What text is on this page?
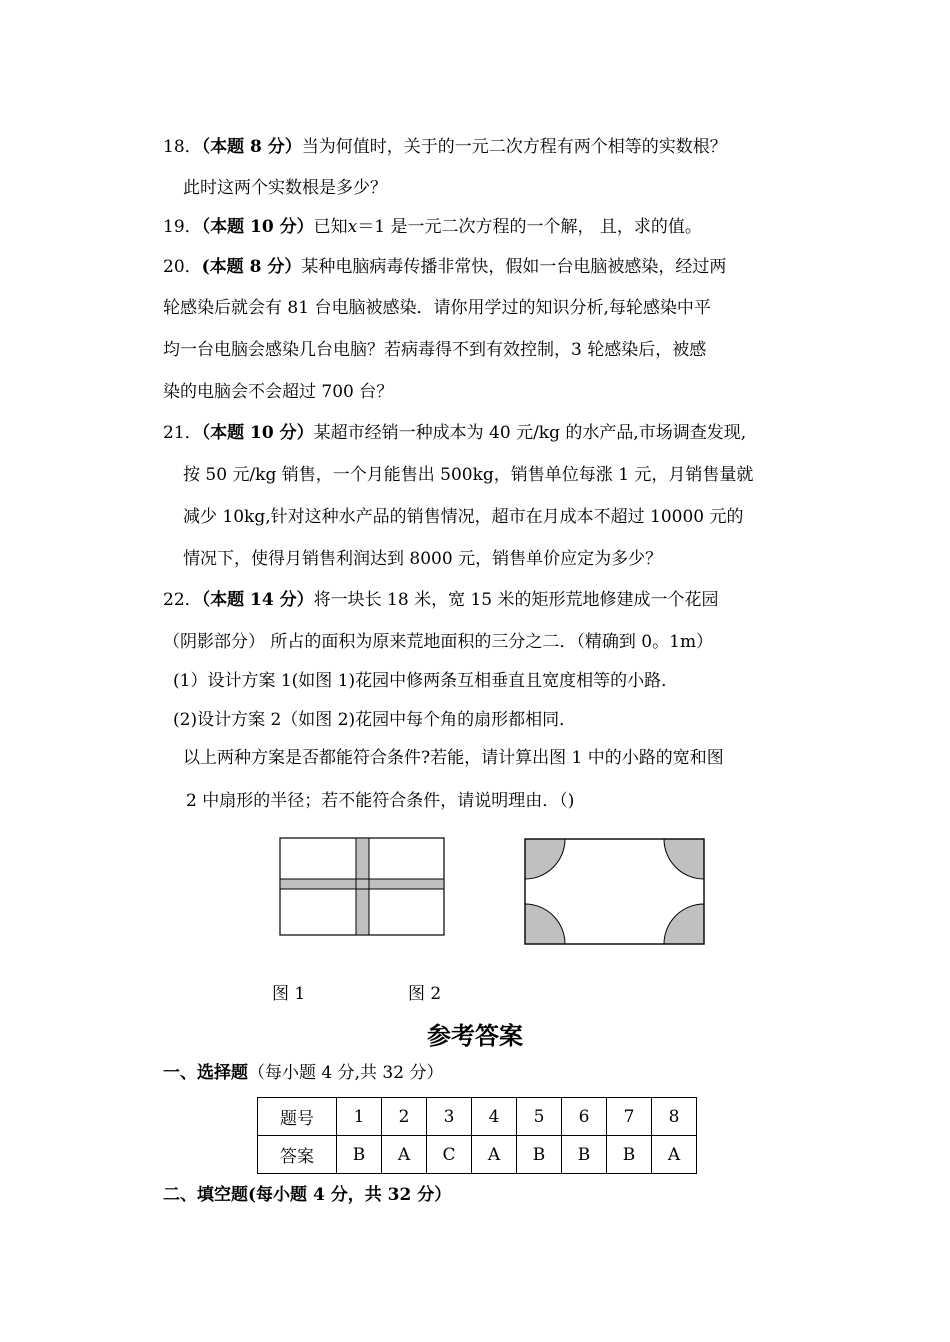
18．（本题 8 分）当为何值时，关于的一元二次方程有两个相等的实数根？
此时这两个实数根是多少？
19．（本题 10 分）已知x＝1 是一元二次方程的一个解， 且，求的值。
20．(本题 8 分）某种电脑病毒传播非常快，假如一台电脑被感染，经过两
轮感染后就会有 81 台电脑被感染．请你用学过的知识分析,每轮感染中平
均一台电脑会感染几台电脑？若病毒得不到有效控制，3 轮感染后，被感
染的电脑会不会超过 700 台？
21．（本题 10 分）某超市经销一种成本为 40 元/kg 的水产品,市场调查发现,
按 50 元/kg 销售，一个月能售出 500kg，销售单位每涨 1 元，月销售量就
减少 10kg,针对这种水产品的销售情况，超市在月成本不超过 10000 元的
情况下，使得月销售利润达到 8000 元，销售单价应定为多少？
22．（本题 14 分）将一块长 18 米，宽 15 米的矩形荒地修建成一个花园
（阴影部分） 所占的面积为原来荒地面积的三分之二．（精确到 0。1m）
(1）设计方案 1(如图 1)花园中修两条互相垂直且宽度相等的小路．
(2)设计方案 2（如图 2)花园中每个角的扇形都相同．
以上两种方案是否都能符合条件?若能，请计算出图 1 中的小路的宽和图
2 中扇形的半径；若不能符合条件，请说明理由．（)
图 1	图 2
参考答案
一、选择题（每小题 4 分,共 32 分）
题号	1	2	3	4	5	6	7	8
答案	B	A	C	A	B	B	B	A
二、填空题(每小题 4 分，共 32 分）
